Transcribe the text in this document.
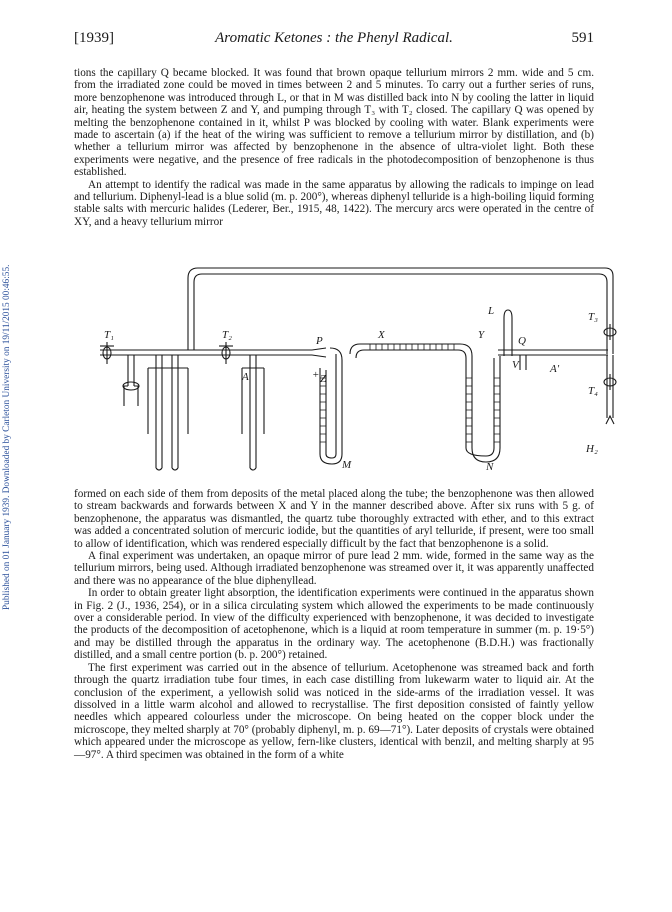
Published on 01 January 1939. Downloaded by Carleton University on 19/11/2015 00:46:55.
[1939]	Aromatic Ketones : the Phenyl Radical.	591

tions the capillary Q became blocked. It was found that brown opaque tellurium mirrors 2 mm. wide and 5 cm. from the irradiated zone could be moved in times between 2 and 5 minutes. To carry out a further series of runs, more benzophenone was introduced through L, or that in M was distilled back into N by cooling the latter in liquid air, heating the system between Z and Y, and pumping through T₃ with T₂ closed. The capillary Q was opened by melting the benzophenone contained in it, whilst P was blocked by cooling with water. Blank experiments were made to ascertain (a) if the heat of the wiring was sufficient to remove a tellurium mirror by distillation, and (b) whether a tellurium mirror was affected by benzophenone in the absence of ultra-violet light. Both these experiments were negative, and the presence of free radicals in the photodecomposition of benzophenone is thus established.

An attempt to identify the radical was made in the same apparatus by allowing the radicals to impinge on lead and tellurium. Diphenyl-lead is a blue solid (m. p. 200°), whereas diphenyl telluride is a high-boiling liquid forming stable salts with mercuric halides (Lederer, Ber., 1915, 48, 1422). The mercury arcs were operated in the centre of XY, and a heavy tellurium mirror

T₁	T₂	P	X	Y	Q
L
V
A
A′
T₃
T₄
+ Z
M	N
H₂

formed on each side of them from deposits of the metal placed along the tube; the benzophenone was then allowed to stream backwards and forwards between X and Y in the manner described above. After six runs with 5 g. of benzophenone, the apparatus was dismantled, the quartz tube thoroughly extracted with ether, and to this extract was added a concentrated solution of mercuric iodide, but the quantities of aryl telluride, if present, were too small to allow of identification, which was rendered especially difficult by the fact that benzophenone is a solid.

A final experiment was undertaken, an opaque mirror of pure lead 2 mm. wide, formed in the same way as the tellurium mirrors, being used. Although irradiated benzophenone was streamed over it, it was apparently unaffected and there was no appearance of the blue diphenyllead.

In order to obtain greater light absorption, the identification experiments were continued in the apparatus shown in Fig. 2 (J., 1936, 254), or in a silica circulating system which allowed the experiments to be made continuously over a considerable period. In view of the difficulty experienced with benzophenone, it was decided to investigate the products of the decomposition of acetophenone, which is a liquid at room temperature in summer (m. p. 19·5°) and may be distilled through the apparatus in the ordinary way. The acetophenone (B.D.H.) was fractionally distilled, and a small centre portion (b. p. 200°) retained.

The first experiment was carried out in the absence of tellurium. Acetophenone was streamed back and forth through the quartz irradiation tube four times, in each case distilling from lukewarm water to liquid air. At the conclusion of the experiment, a yellowish solid was noticed in the side-arms of the irradiation vessel. It was dissolved in a little warm alcohol and allowed to recrystallise. The first deposition consisted of faintly yellow needles which appeared colourless under the microscope. On being heated on the copper block under the microscope, they melted sharply at 70° (probably diphenyl, m. p. 69—71°). Later deposits of crystals were obtained which appeared under the microscope as yellow, fern-like clusters, identical with benzil, and melting sharply at 95—97°. A third specimen was obtained in the form of a white
